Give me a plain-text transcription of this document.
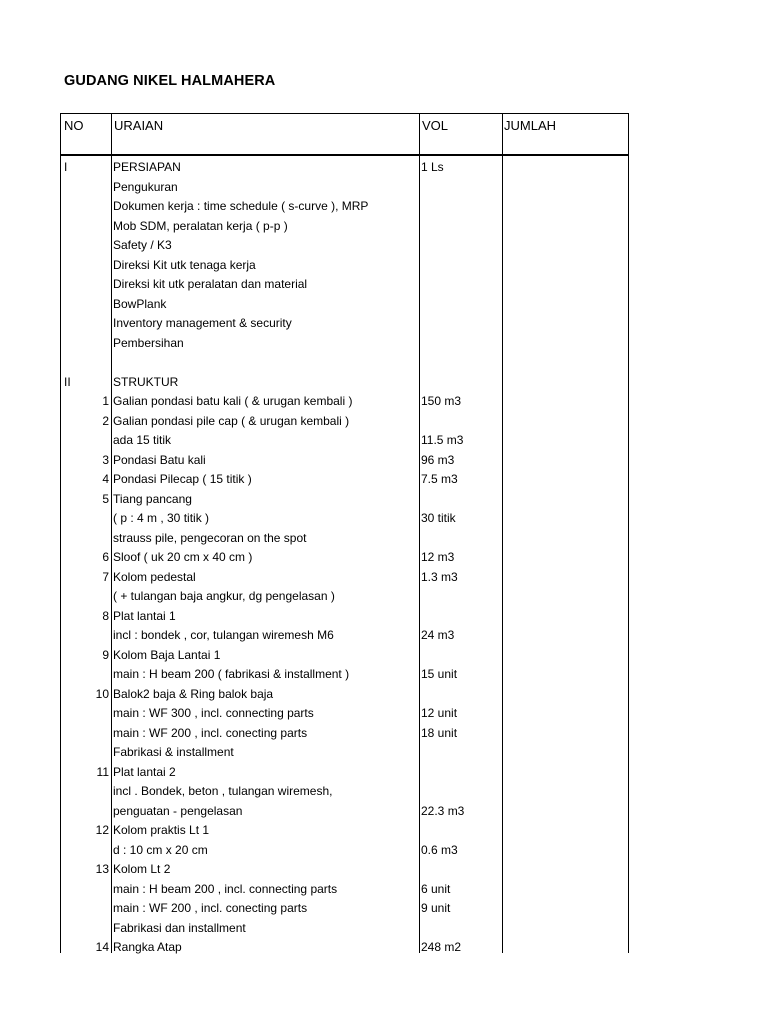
GUDANG NIKEL HALMAHERA
NO URAIAN	VOL	JUMLAH
I	PERSIAPAN	1 Ls
Pengukuran
Dokumen kerja : time schedule ( s-curve ), MRP
Mob SDM, peralatan kerja ( p-p )
Safety / K3
Direksi Kit utk tenaga kerja
Direksi kit utk peralatan dan material
BowPlank
Inventory management & security
Pembersihan
II	STRUKTUR
1 Galian pondasi batu kali ( & urugan kembali )	150 m3
2 Galian pondasi pile cap ( & urugan kembali )
ada 15 titik	11.5 m3
3 Pondasi Batu kali	96 m3
4 Pondasi Pilecap ( 15 titik )	7.5 m3
5 Tiang pancang
( p : 4 m , 30 titik )	30 titik
strauss pile, pengecoran on the spot
6 Sloof ( uk 20 cm x 40 cm )	12 m3
7 Kolom pedestal	1.3 m3
( + tulangan baja angkur, dg pengelasan )
8 Plat lantai 1
incl : bondek , cor, tulangan wiremesh M6	24 m3
9 Kolom Baja Lantai 1
main : H beam 200 ( fabrikasi & installment )	15 unit
10 Balok2 baja & Ring balok baja
main : WF 300 , incl. connecting parts	12 unit
main : WF 200 , incl. conecting parts	18 unit
Fabrikasi & installment
11 Plat lantai 2
incl . Bondek, beton , tulangan wiremesh,
penguatan - pengelasan	22.3 m3
12 Kolom praktis Lt 1
d : 10 cm x 20 cm	0.6 m3
13 Kolom Lt 2
main : H beam 200 , incl. connecting parts	6 unit
main : WF 200 , incl. conecting parts	9 unit
Fabrikasi dan installment
14 Rangka Atap	248 m2
